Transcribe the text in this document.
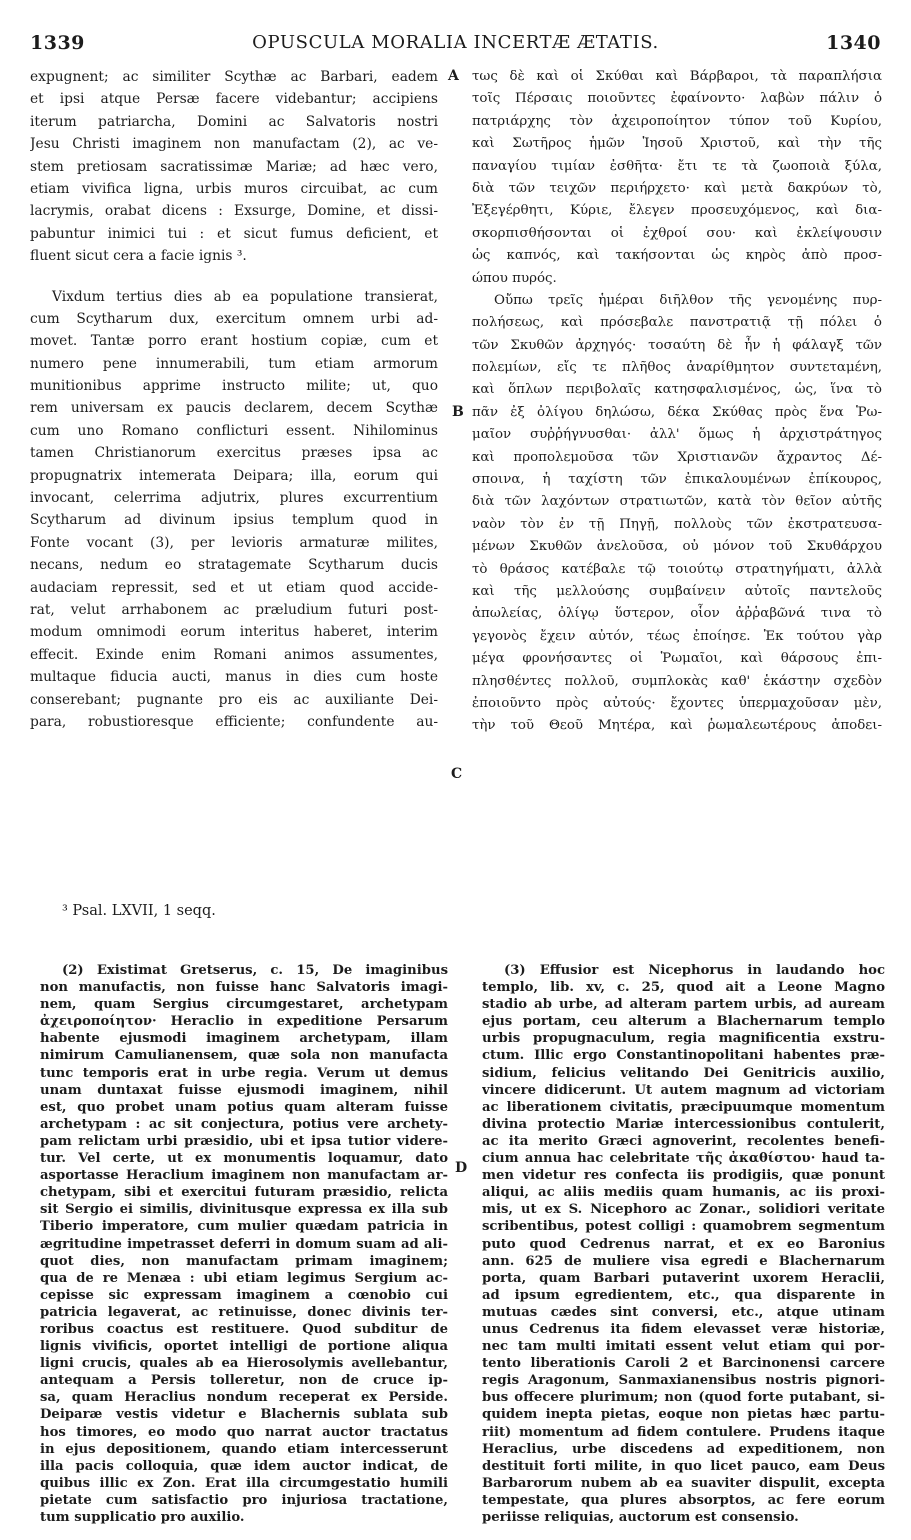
1339	OPUSCULA MORALIA INCERTÆ ÆTATIS.	1340
expugnent; ac similiter Scythæ ac Barbari, eadem
et ipsi atque Persæ facere videbantur; accipiens
iterum patriarcha, Domini ac Salvatoris nostri
Jesu Christi imaginem non manufactam (2), ac ve-
stem pretiosam sacratissimæ Mariæ; ad hæc vero,
etiam vivifica ligna, urbis muros circuibat, ac cum
lacrymis, orabat dicens : Exsurge, Domine, et dissi-
pabuntur inimici tui : et sicut fumus deficient, et
fluent sicut cera a facie ignis ³.
Vixdum tertius dies ab ea populatione transierat,
cum Scytharum dux, exercitum omnem urbi ad-
movet. Tantæ porro erant hostium copiæ, cum et
numero pene innumerabili, tum etiam armorum
munitionibus apprime instructo milite; ut, quo
rem universam ex paucis declarem, decem Scythæ
cum uno Romano conflicturi essent. Nihilominus
tamen Christianorum exercitus præses ipsa ac
propugnatrix intemerata Deipara; illa, eorum qui
invocant, celerrima adjutrix, plures excurrentium
Scytharum ad divinum ipsius templum quod in
Fonte vocant (3), per levioris armaturæ milites,
necans, nedum eo stratagemate Scytharum ducis
audaciam repressit, sed et ut etiam quod accide-
rat, velut arrhabonem ac præludium futuri post-
modum omnimodi eorum interitus haberet, interim
effecit. Exinde enim Romani animos assumentes,
multaque fiducia aucti, manus in dies cum hoste
conserebant; pugnante pro eis ac auxiliante Dei-
para, robustioresque efficiente; confundente au-
τως δὲ καὶ οἱ Σκύθαι καὶ Βάρβαροι, τὰ παραπλήσια
τοῖς Πέρσαις ποιοῦντες ἐφαίνοντο· λαβὼν πάλιν ὁ
πατριάρχης τὸν ἀχειροποίητον τύπον τοῦ Κυρίου,
καὶ Σωτῆρος ἡμῶν Ἰησοῦ Χριστοῦ, καὶ τὴν τῆς
παναγίου τιμίαν ἐσθῆτα· ἔτι τε τὰ ζωοποιὰ ξύλα,
διὰ τῶν τειχῶν περιήρχετο· καὶ μετὰ δακρύων τὸ,
Ἐξεγέρθητι, Κύριε, ἔλεγεν προσευχόμενος, καὶ δια-
σκορπισθήσονται οἱ ἐχθροί σου· καὶ ἐκλείψουσιν
ὡς καπνός, καὶ τακήσονται ὡς κηρὸς ἀπὸ προσ-
ώπου πυρός.
Οὔπω τρεῖς ἡμέραι διῆλθον τῆς γενομένης πυρ-
πολήσεως, καὶ πρόσεβαλε πανστρατιᾷ τῇ πόλει ὁ
τῶν Σκυθῶν ἀρχηγός· τοσαύτη δὲ ἦν ἡ φάλαγξ τῶν
πολεμίων, εἴς τε πλῆθος ἀναρίθμητον συντεταμένη,
καὶ ὅπλων περιβολαῖς κατησφαλισμένος, ὡς, ἵνα τὸ
πᾶν ἐξ ὀλίγου δηλώσω, δέκα Σκύθας πρὸς ἕνα Ῥω-
μαῖον συῤῥήγνυσθαι· ἀλλ' ὅμως ἡ ἀρχιστράτηγος
καὶ προπολεμοῦσα τῶν Χριστιανῶν ἄχραντος Δέ-
σποινα, ἡ ταχίστη τῶν ἐπικαλουμένων ἐπίκουρος,
διὰ τῶν λαχόντων στρατιωτῶν, κατὰ τὸν θεῖον αὐτῆς
ναὸν τὸν ἐν τῇ Πηγῇ, πολλοὺς τῶν ἐκστρατευσα-
μένων Σκυθῶν ἀνελοῦσα, οὐ μόνον τοῦ Σκυθάρχου
τὸ θράσος κατέβαλε τῷ τοιούτῳ στρατηγήματι, ἀλλὰ
καὶ τῆς μελλούσης συμβαίνειν αὐτοῖς παντελοῦς
ἀπωλείας, ὀλίγῳ ὕστερον, οἷον ἀῤῥαβῶνά τινα τὸ
γεγονὸς ἔχειν αὐτόν, τέως ἐποίησε. Ἐκ τούτου γὰρ
μέγα φρονήσαντες οἱ Ῥωμαῖοι, καὶ θάρσους ἐπι-
πλησθέντες πολλοῦ, συμπλοκὰς καθ' ἑκάστην σχεδὸν
ἐποιοῦντο πρὸς αὐτούς· ἔχοντες ὑπερμαχοῦσαν μὲν,
τὴν τοῦ Θεοῦ Μητέρα, καὶ ῥωμαλεωτέρους ἀποδει-
A
B
C
D
³ Psal. LXVII, 1 seqq.
(2) Existimat Gretserus, c. 15, De imaginibus
non manufactis, non fuisse hanc Salvatoris imagi-
nem, quam Sergius circumgestaret, archetypam
ἀχειροποίητον· Heraclio in expeditione Persarum
habente ejusmodi imaginem archetypam, illam
nimirum Camulianensem, quæ sola non manufacta
tunc temporis erat in urbe regia. Verum ut demus
unam duntaxat fuisse ejusmodi imaginem, nihil
est, quo probet unam potius quam alteram fuisse
archetypam : ac sit conjectura, potius vere archety-
pam relictam urbi præsidio, ubi et ipsa tutior videre-
tur. Vel certe, ut ex monumentis loquamur, dato
asportasse Heraclium imaginem non manufactam ar-
chetypam, sibi et exercitui futuram præsidio, relicta
sit Sergio ei similis, divinitusque expressa ex illa sub
Tiberio imperatore, cum mulier quædam patricia in
ægritudine impetrasset deferri in domum suam ad ali-
quot dies, non manufactam primam imaginem;
qua de re Menæa : ubi etiam legimus Sergium ac-
cepisse sic expressam imaginem a cœnobio cui
patricia legaverat, ac retinuisse, donec divinis ter-
roribus coactus est restituere. Quod subditur de
lignis vivificis, oportet intelligi de portione aliqua
ligni crucis, quales ab ea Hierosolymis avellebantur,
antequam a Persis tolleretur, non de cruce ip-
sa, quam Heraclius nondum receperat ex Perside.
Deiparæ vestis videtur e Blachernis sublata sub
hos timores, eo modo quo narrat auctor tractatus
in ejus depositionem, quando etiam intercesserunt
illa pacis colloquia, quæ idem auctor indicat, de
quibus illic ex Zon. Erat illa circumgestatio humili
pietate cum satisfactio pro injuriosa tractatione,
tum supplicatio pro auxilio.
(3) Effusior est Nicephorus in laudando hoc
templo, lib. xv, c. 25, quod ait a Leone Magno
stadio ab urbe, ad alteram partem urbis, ad auream
ejus portam, ceu alterum a Blachernarum templo
urbis propugnaculum, regia magnificentia exstru-
ctum. Illic ergo Constantinopolitani habentes præ-
sidium, felicius velitando Dei Genitricis auxilio,
vincere didicerunt. Ut autem magnum ad victoriam
ac liberationem civitatis, præcipuumque momentum
divina protectio Mariæ intercessionibus contulerit,
ac ita merito Græci agnoverint, recolentes benefi-
cium annua hac celebritate τῆς ἀκαθίστου· haud ta-
men videtur res confecta iis prodigiis, quæ ponunt
aliqui, ac aliis mediis quam humanis, ac iis proxi-
mis, ut ex S. Nicephoro ac Zonar., solidiori veritate
scribentibus, potest colligi : quamobrem segmentum
puto quod Cedrenus narrat, et ex eo Baronius
ann. 625 de muliere visa egredi e Blachernarum
porta, quam Barbari putaverint uxorem Heraclii,
ad ipsum egredientem, etc., qua disparente in
mutuas cædes sint conversi, etc., atque utinam
unus Cedrenus ita fidem elevasset veræ historiæ,
nec tam multi imitati essent velut etiam qui por-
tento liberationis Caroli 2 et Barcinonensi carcere
regis Aragonum, Sanmaxianensibus nostris pignori-
bus offecere plurimum; non (quod forte putabant, si-
quidem inepta pietas, eoque non pietas hæc partu-
riit) momentum ad fidem contulere. Prudens itaque
Heraclius, urbe discedens ad expeditionem, non
destituit forti milite, in quo licet pauco, eam Deus
Barbarorum nubem ab ea suaviter dispulit, excepta
tempestate, qua plures absorptos, ac fere eorum
periisse reliquias, auctorum est consensio.
